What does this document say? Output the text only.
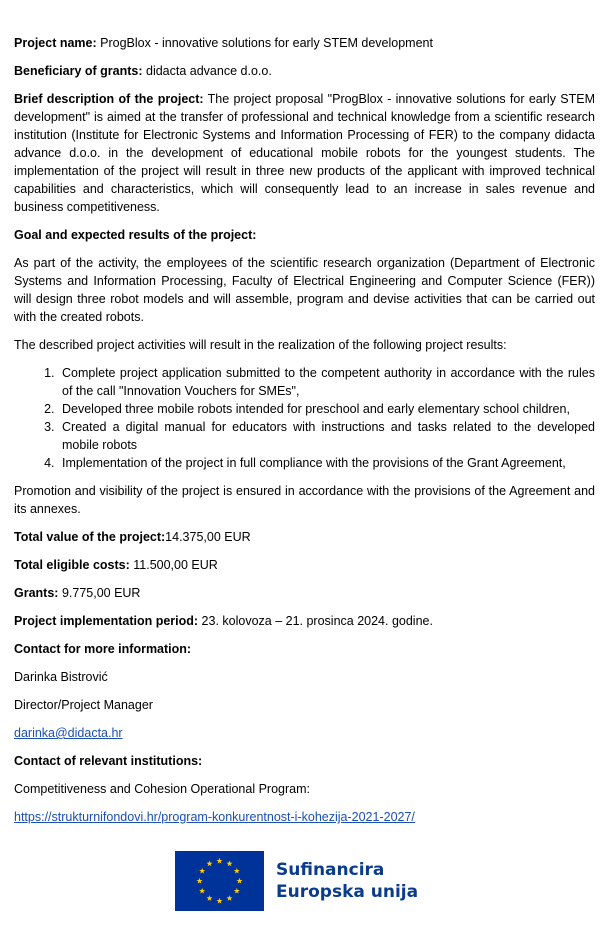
Project name: ProgBlox - innovative solutions for early STEM development

Beneficiary of grants: didacta advance d.o.o.

Brief description of the project: The project proposal "ProgBlox - innovative solutions for early STEM development" is aimed at the transfer of professional and technical knowledge from a scientific research institution (Institute for Electronic Systems and Information Processing of FER) to the company didacta advance d.o.o. in the development of educational mobile robots for the youngest students. The implementation of the project will result in three new products of the applicant with improved technical capabilities and characteristics, which will consequently lead to an increase in sales revenue and business competitiveness.

Goal and expected results of the project:

As part of the activity, the employees of the scientific research organization (Department of Electronic Systems and Information Processing, Faculty of Electrical Engineering and Computer Science (FER)) will design three robot models and will assemble, program and devise activities that can be carried out with the created robots.

The described project activities will result in the realization of the following project results:

1. Complete project application submitted to the competent authority in accordance with the rules of the call "Innovation Vouchers for SMEs",
2. Developed three mobile robots intended for preschool and early elementary school children,
3. Created a digital manual for educators with instructions and tasks related to the developed mobile robots
4. Implementation of the project in full compliance with the provisions of the Grant Agreement,

Promotion and visibility of the project is ensured in accordance with the provisions of the Agreement and its annexes.

Total value of the project:14.375,00 EUR

Total eligible costs: 11.500,00 EUR

Grants: 9.775,00 EUR

Project implementation period: 23. kolovoza – 21. prosinca 2024. godine.

Contact for more information:

Darinka Bistrović

Director/Project Manager

darinka@didacta.hr

Contact of relevant institutions:

Competitiveness and Cohesion Operational Program:

https://strukturnifondovi.hr/program-konkurentnost-i-kohezija-2021-2027/

Sufinancira
Europska unija
